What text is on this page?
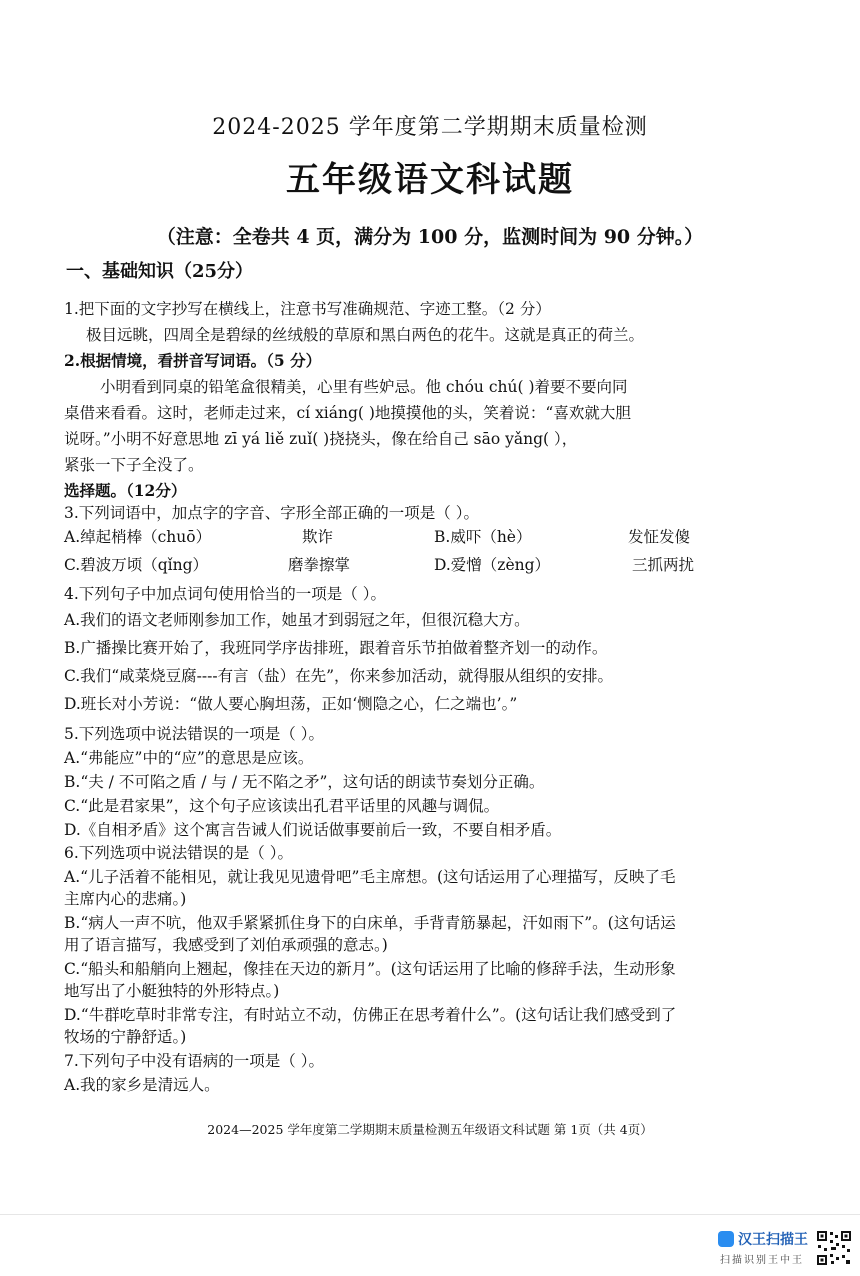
2024-2025 学年度第二学期期末质量检测
五年级语文科试题
（注意：全卷共 4 页，满分为 100 分，监测时间为 90 分钟。）
一、基础知识（25分）
1.把下面的文字抄写在横线上，注意书写准确规范、字迹工整。（2 分）
极目远眺，四周全是碧绿的丝绒般的草原和黑白两色的花牛。这就是真正的荷兰。
2.根据情境，看拼音写词语。（5 分）
小明看到同桌的铅笔盒很精美，心里有些妒忌。他 chóu chú( )着要不要向同
桌借来看看。这时，老师走过来，cí xiáng( )地摸摸他的头，笑着说：“喜欢就大胆
说呀。”小明不好意思地 zī yá liě zuǐ( )挠挠头，像在给自己 sāo yǎng( ），
紧张一下子全没了。
选择题。（12分）
3.下列词语中，加点字的字音、字形全部正确的一项是（ ）。
A.绰起梢棒（chuō）	欺诈	B.威吓（hè）	发怔发傻
C.碧波万顷（qǐng）	磨拳擦掌	D.爱憎（zèng）	三抓两扰
4.下列句子中加点词句使用恰当的一项是（ ）。
A.我们的语文老师刚参加工作，她虽才到弱冠之年，但很沉稳大方。
B.广播操比赛开始了，我班同学序齿排班，跟着音乐节拍做着整齐划一的动作。
C.我们“咸菜烧豆腐----有言（盐）在先”，你来参加活动，就得服从组织的安排。
D.班长对小芳说：“做人要心胸坦荡，正如‘恻隐之心，仁之端也’。”
5.下列选项中说法错误的一项是（ ）。
A.“弗能应”中的“应”的意思是应该。
B.“夫 / 不可陷之盾 / 与 / 无不陷之矛”，这句话的朗读节奏划分正确。
C.“此是君家果”，这个句子应该读出孔君平话里的风趣与调侃。
D.《自相矛盾》这个寓言告诫人们说话做事要前后一致，不要自相矛盾。
6.下列选项中说法错误的是（ ）。
A.“儿子活着不能相见，就让我见见遗骨吧”毛主席想。(这句话运用了心理描写，反映了毛
主席内心的悲痛。)
B.“病人一声不吭，他双手紧紧抓住身下的白床单，手背青筋暴起，汗如雨下”。(这句话运
用了语言描写，我感受到了刘伯承顽强的意志。)
C.“船头和船艄向上翘起，像挂在天边的新月”。(这句话运用了比喻的修辞手法，生动形象
地写出了小艇独特的外形特点。)
D.“牛群吃草时非常专注，有时站立不动，仿佛正在思考着什么”。(这句话让我们感受到了
牧场的宁静舒适。)
7.下列句子中没有语病的一项是（ ）。
A.我的家乡是清远人。
2024—2025 学年度第二学期期末质量检测五年级语文科试题 第 1页（共 4页）
汉王扫描王
扫描识别王中王
